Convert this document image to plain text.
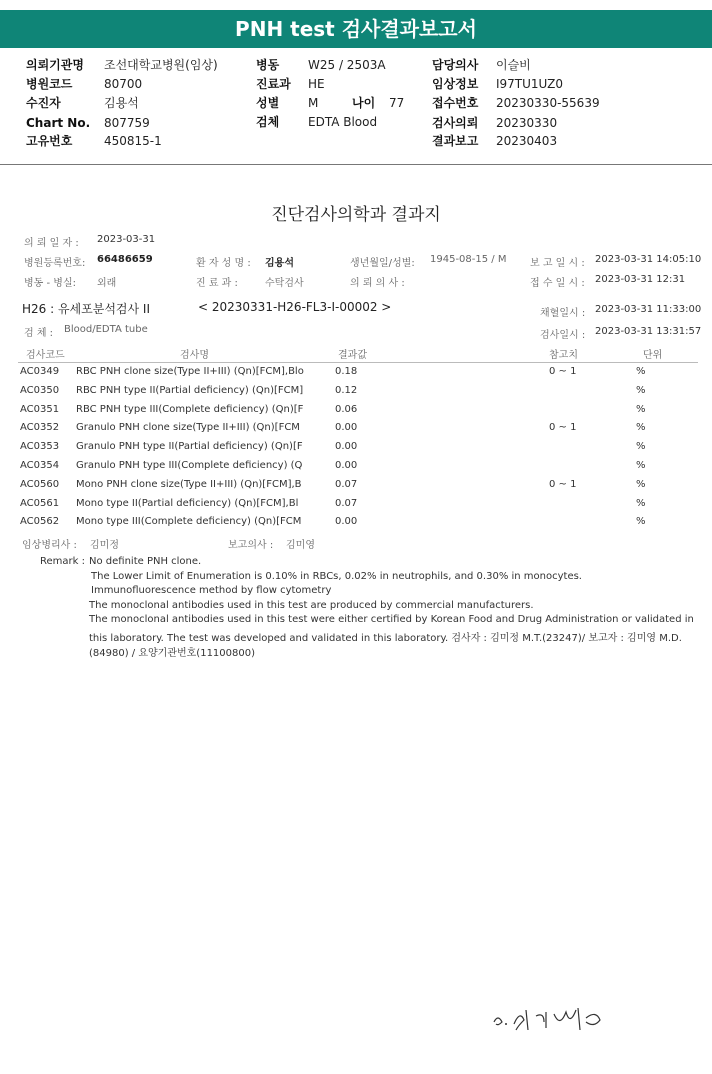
PNH test 검사결과보고서
의뢰기관명 조선대학교병원(임상)
병원코드	80700
수진자	김용석
Chart No. 807759
고유번호	450815-1
병동 W25 / 2503A
진료과 HE
성별 M	나이 77
검체 EDTA Blood
담당의사 이슬비
임상정보 I97TU1UZ0
접수번호 20230330-55639
검사의뢰 20230330
결과보고 20230403
진단검사의학과 결과지
의 뢰 일 자 : 2023-03-31
병원등록번호: 66486659	환 자 성 명 : 김용석	생년월일/성별: 1945-08-15 / M 보 고 일 시 : 2023-03-31 14:05:10
병동 - 병실: 외래	진 료 과 :	수탁검사	의 뢰 의 사 :	접 수 일 시 : 2023-03-31 12:31
H26 : 유세포분석검사 II	< 20230331-H26-FL3-I-00002 >	채혈일시 : 2023-03-31 11:33:00
검 체 : Blood/EDTA tube
검사일시 : 2023-03-31 13:31:57
검사코드	검사명	결과값	참고치	단위
AC0349 RBC PNH clone size(Type II+III) (Qn)[FCM],Blo	0.18	0 ~ 1	%
AC0350 RBC PNH type II(Partial deficiency) (Qn)[FCM]	0.12	%
AC0351 RBC PNH type III(Complete deficiency) (Qn)[F	0.06	%
AC0352 Granulo PNH clone size(Type II+III) (Qn)[FCM	0.00	0 ~ 1	%
AC0353 Granulo PNH type II(Partial deficiency) (Qn)[F	0.00	%
AC0354 Granulo PNH type III(Complete deficiency) (Q	0.00	%
AC0560 Mono PNH clone size(Type II+III) (Qn)[FCM],B	0.07	0 ~ 1	%
AC0561 Mono type II(Partial deficiency) (Qn)[FCM],Bl	0.07	%
AC0562 Mono type III(Complete deficiency) (Qn)[FCM	0.00	%
임상병리사 : 김미정	보고의사 : 김미영
Remark : No definite PNH clone.
The Lower Limit of Enumeration is 0.10% in RBCs, 0.02% in neutrophils, and 0.30% in monocytes.
Immunofluorescence method by flow cytometry
The monoclonal antibodies used in this test are produced by commercial manufacturers.
The monoclonal antibodies used in this test were either certified by Korean Food and Drug Administration or validated in
this laboratory. The test was developed and validated in this laboratory. 검사자 : 김미정 M.T.(23247)/ 보고자 : 김미영 M.D.
(84980) / 요양기관번호(11100800)
